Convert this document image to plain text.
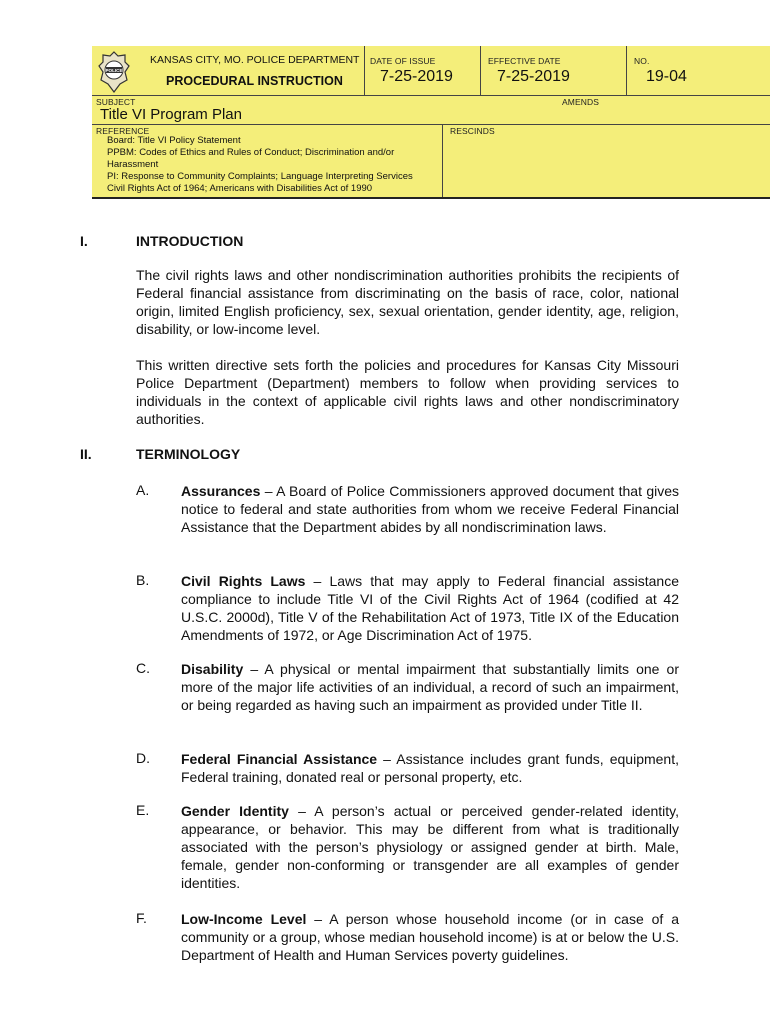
POLICE
KANSAS CITY, MO. POLICE DEPARTMENT
PROCEDURAL INSTRUCTION
DATE OF ISSUE
7-25-2019
EFFECTIVE DATE
7-25-2019
NO.
19-04
SUBJECT	AMENDS
Title VI Program Plan
REFERENCE	RESCINDS
Board: Title VI Policy Statement
PPBM: Codes of Ethics and Rules of Conduct; Discrimination and/or
Harassment
PI: Response to Community Complaints; Language Interpreting Services
Civil Rights Act of 1964; Americans with Disabilities Act of 1990
I.	INTRODUCTION
The civil rights laws and other nondiscrimination authorities prohibits the recipients of Federal financial assistance from discriminating on the basis of race, color, national origin, limited English proficiency, sex, sexual orientation, gender identity, age, religion, disability, or low-income level.
This written directive sets forth the policies and procedures for Kansas City Missouri Police Department (Department) members to follow when providing services to individuals in the context of applicable civil rights laws and other nondiscriminatory authorities.
II.	TERMINOLOGY
A. Assurances – A Board of Police Commissioners approved document that gives notice to federal and state authorities from whom we receive Federal Financial Assistance that the Department abides by all nondiscrimination laws.
B. Civil Rights Laws – Laws that may apply to Federal financial assistance compliance to include Title VI of the Civil Rights Act of 1964 (codified at 42 U.S.C. 2000d), Title V of the Rehabilitation Act of 1973, Title IX of the Education Amendments of 1972, or Age Discrimination Act of 1975.
C. Disability – A physical or mental impairment that substantially limits one or more of the major life activities of an individual, a record of such an impairment, or being regarded as having such an impairment as provided under Title II.
D. Federal Financial Assistance – Assistance includes grant funds, equipment, Federal training, donated real or personal property, etc.
E. Gender Identity – A person’s actual or perceived gender-related identity, appearance, or behavior. This may be different from what is traditionally associated with the person’s physiology or assigned gender at birth. Male, female, gender non-conforming or transgender are all examples of gender identities.
F. Low-Income Level – A person whose household income (or in case of a community or a group, whose median household income) is at or below the U.S. Department of Health and Human Services poverty guidelines.
